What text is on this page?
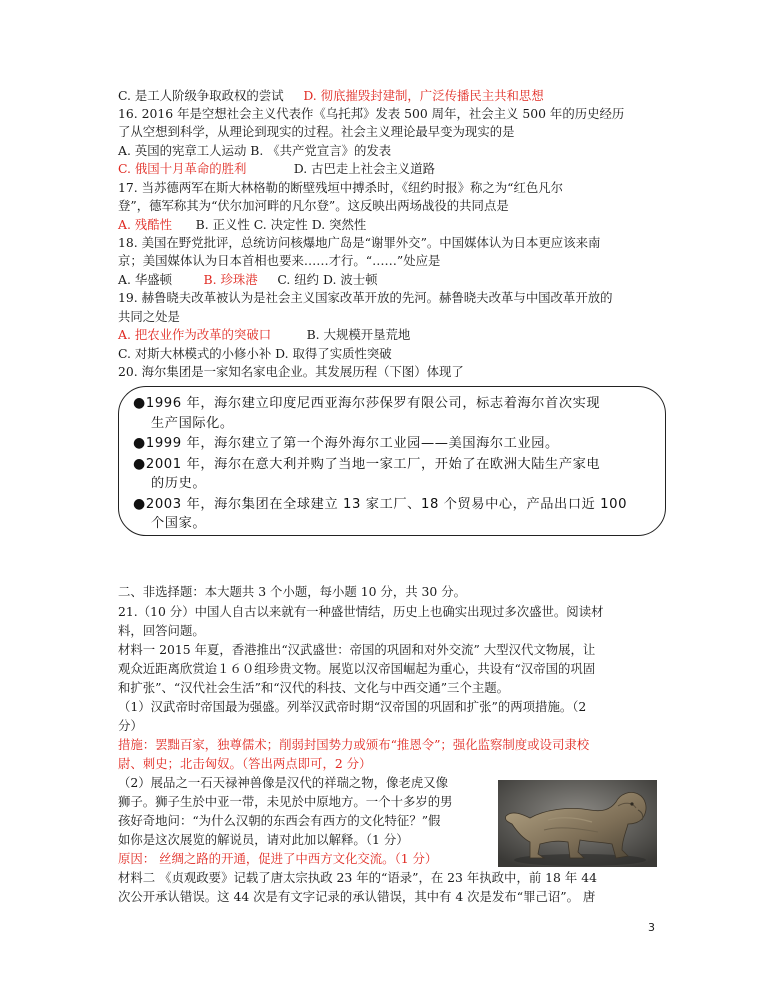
C. 是工人阶级争取政权的尝试 D. 彻底摧毁封建制，广泛传播民主共和思想
16. 2016 年是空想社会主义代表作《乌托邦》发表 500 周年，社会主义 500 年的历史经历
了从空想到科学，从理论到现实的过程。社会主义理论最早变为现实的是
A. 英国的宪章工人运动 B. 《共产党宣言》的发表
C. 俄国十月革命的胜利	D. 古巴走上社会主义道路
17. 当苏德两军在斯大林格勒的断壁残垣中搏杀时，《纽约时报》称之为“红色凡尔
登”，德军称其为“伏尔加河畔的凡尔登”。这反映出两场战役的共同点是
A. 残酷性 B. 正义性 C. 决定性 D. 突然性
18. 美国在野党批评，总统访问核爆地广岛是“谢罪外交”。中国媒体认为日本更应该来南
京；美国媒体认为日本首相也要来……才行。“……”处应是
A. 华盛顿	B. 珍珠港 C. 纽约 D. 波士顿
19. 赫鲁晓夫改革被认为是社会主义国家改革开放的先河。赫鲁晓夫改革与中国改革开放的
共同之处是
A. 把农业作为改革的突破口	B. 大规模开垦荒地
C. 对斯大林模式的小修小补 D. 取得了实质性突破
20. 海尔集团是一家知名家电企业。其发展历程（下图）体现了
●1996 年，海尔建立印度尼西亚海尔莎保罗有限公司，标志着海尔首次实现
生产国际化。
●1999 年，海尔建立了第一个海外海尔工业园——美国海尔工业园。
●2001 年，海尔在意大利并购了当地一家工厂，开始了在欧洲大陆生产家电
的历史。
●2003 年，海尔集团在全球建立 13 家工厂、18 个贸易中心，产品出口近 100
个国家。
二、非选择题：本大题共 3 个小题，每小题 10 分，共 30 分。
21.（10 分）中国人自古以来就有一种盛世情结，历史上也确实出现过多次盛世。阅读材
料，回答问题。
材料一 2015 年夏，香港推出“汉武盛世：帝国的巩固和对外交流” 大型汉代文物展，让
观众近距离欣赏迨１６０组珍贵文物。展览以汉帝国崛起为重心，共设有“汉帝国的巩固
和扩张”、“汉代社会生活”和“汉代的科技、文化与中西交通”三个主题。
（1）汉武帝时帝国最为强盛。列举汉武帝时期“汉帝国的巩固和扩张”的两项措施。（2
分）
措施：罢黜百家，独尊儒术；削弱封国势力或颁布“推恩令”；强化监察制度或设司隶校
尉、刺史；北击匈奴。（答出两点即可，2 分）
（2）展品之一石天禄神兽像是汉代的祥瑞之物，像老虎又像
狮子。狮子生於中亚一带，未见於中原地方。一个十多岁的男
孩好奇地问：“为什么汉朝的东西会有西方的文化特征？”假
如你是这次展览的解说员，请对此加以解释。（1 分）
原因： 丝绸之路的开通，促进了中西方文化交流。（1 分）
材料二 《贞观政要》记载了唐太宗执政 23 年的“语录”，在 23 年执政中，前 18 年 44
次公开承认错误。这 44 次是有文字记录的承认错误，其中有 4 次是发布“罪己诏”。 唐
3
